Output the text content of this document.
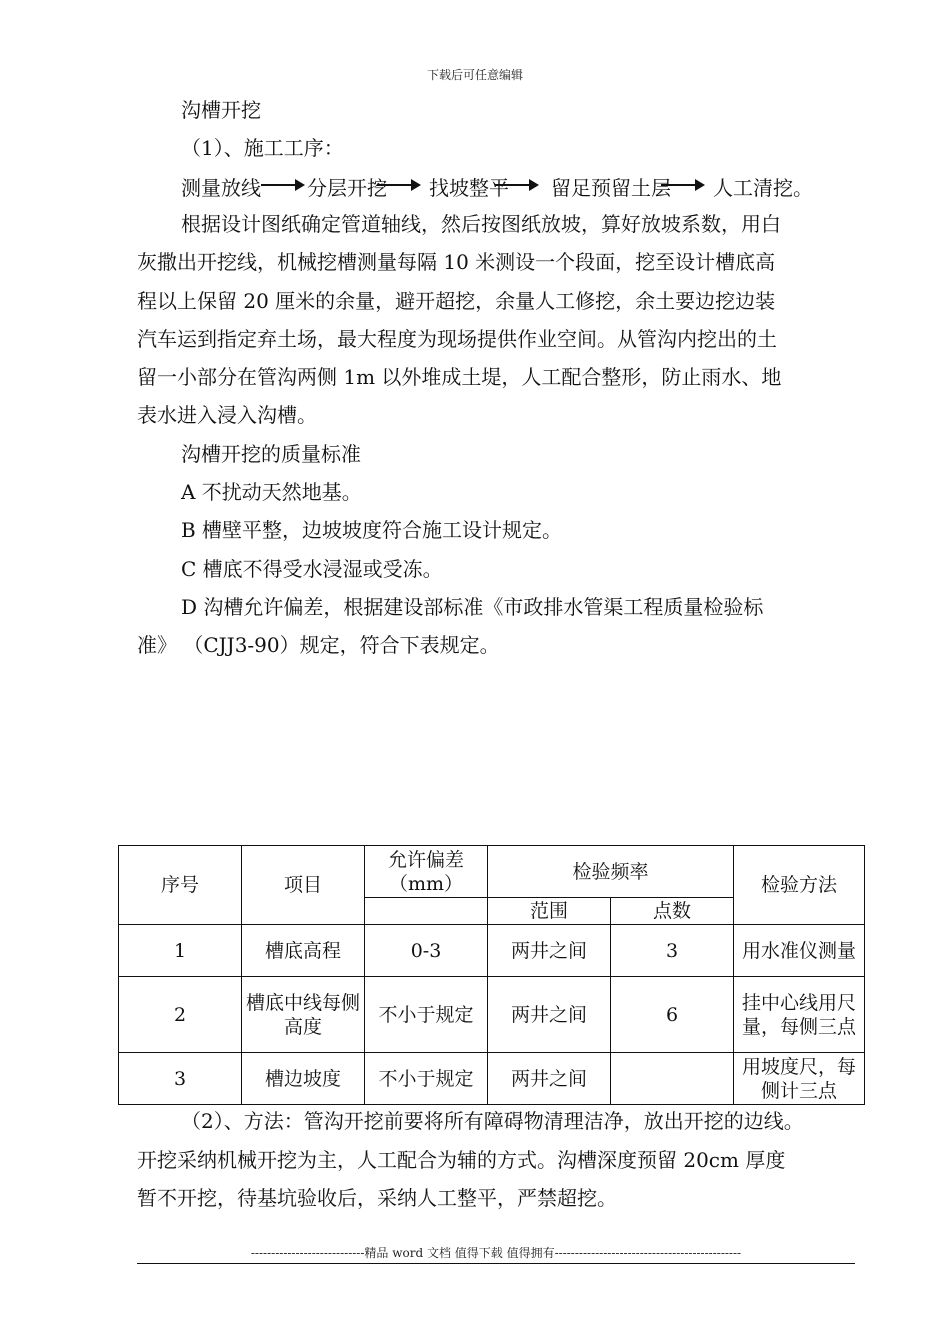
下载后可任意编辑
沟槽开挖
（1）、施工工序：
测量放线 分层开挖 找坡整平 留足预留土层 人工清挖。
根据设计图纸确定管道轴线，然后按图纸放坡，算好放坡系数，用白
灰撒出开挖线，机械挖槽测量每隔 10 米测设一个段面，挖至设计槽底高
程以上保留 20 厘米的余量，避开超挖，余量人工修挖，余土要边挖边装
汽车运到指定弃土场，最大程度为现场提供作业空间。从管沟内挖出的土
留一小部分在管沟两侧 1m 以外堆成土堤，人工配合整形，防止雨水、地
表水进入浸入沟槽。
沟槽开挖的质量标准
A 不扰动天然地基。
B 槽壁平整，边坡坡度符合施工设计规定。
C 槽底不得受水浸湿或受冻。
D 沟槽允许偏差，根据建设部标准《市政排水管渠工程质量检验标
准》 （CJJ3-90）规定，符合下表规定。
序号	项目	允许偏差（mm）	检验频率		检验方法
			范围	点数	
1	槽底高程	0-3	两井之间	3	用水准仪测量
2	槽底中线每侧高度	不小于规定	两井之间	6	挂中心线用尺量，每侧三点
3	槽边坡度	不小于规定	两井之间		用坡度尺，每侧计三点
（2）、方法：管沟开挖前要将所有障碍物清理洁净，放出开挖的边线。
开挖采纳机械开挖为主，人工配合为辅的方式。沟槽深度预留 20cm 厚度
暂不开挖，待基坑验收后，采纳人工整平，严禁超挖。
----------------------------精品 word 文档 值得下载 值得拥有----------------------------------------------
